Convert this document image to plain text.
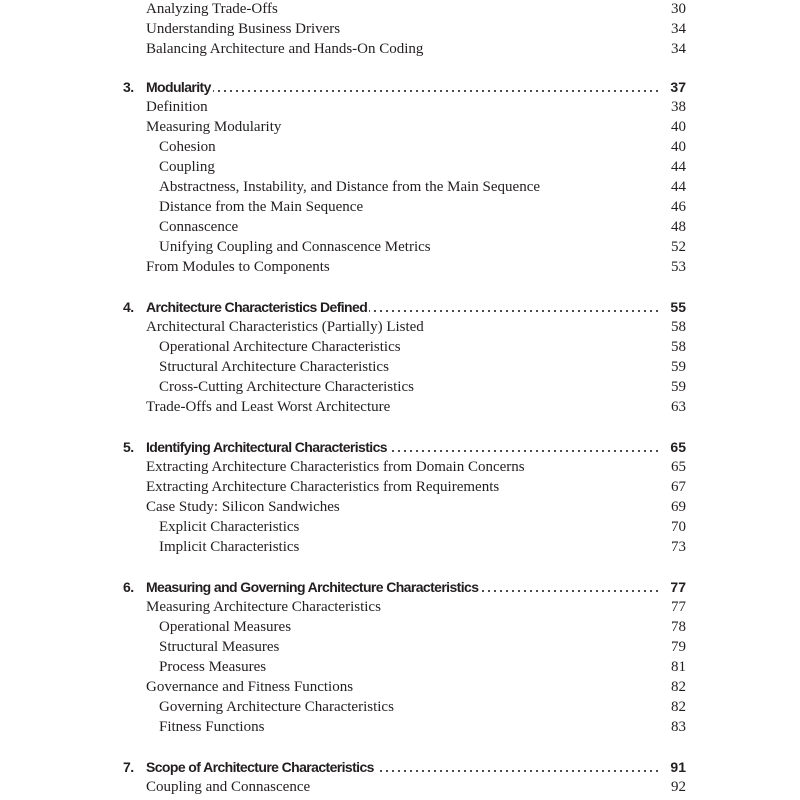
Analyzing Trade-Offs	30
Understanding Business Drivers	34
Balancing Architecture and Hands-On Coding	34
3. Modularity	37
Definition	38
Measuring Modularity	40
Cohesion	40
Coupling	44
Abstractness, Instability, and Distance from the Main Sequence	44
Distance from the Main Sequence	46
Connascence	48
Unifying Coupling and Connascence Metrics	52
From Modules to Components	53
4. Architecture Characteristics Defined	55
Architectural Characteristics (Partially) Listed	58
Operational Architecture Characteristics	58
Structural Architecture Characteristics	59
Cross-Cutting Architecture Characteristics	59
Trade-Offs and Least Worst Architecture	63
5. Identifying Architectural Characteristics	65
Extracting Architecture Characteristics from Domain Concerns	65
Extracting Architecture Characteristics from Requirements	67
Case Study: Silicon Sandwiches	69
Explicit Characteristics	70
Implicit Characteristics	73
6. Measuring and Governing Architecture Characteristics	77
Measuring Architecture Characteristics	77
Operational Measures	78
Structural Measures	79
Process Measures	81
Governance and Fitness Functions	82
Governing Architecture Characteristics	82
Fitness Functions	83
7. Scope of Architecture Characteristics	91
Coupling and Connascence	92
